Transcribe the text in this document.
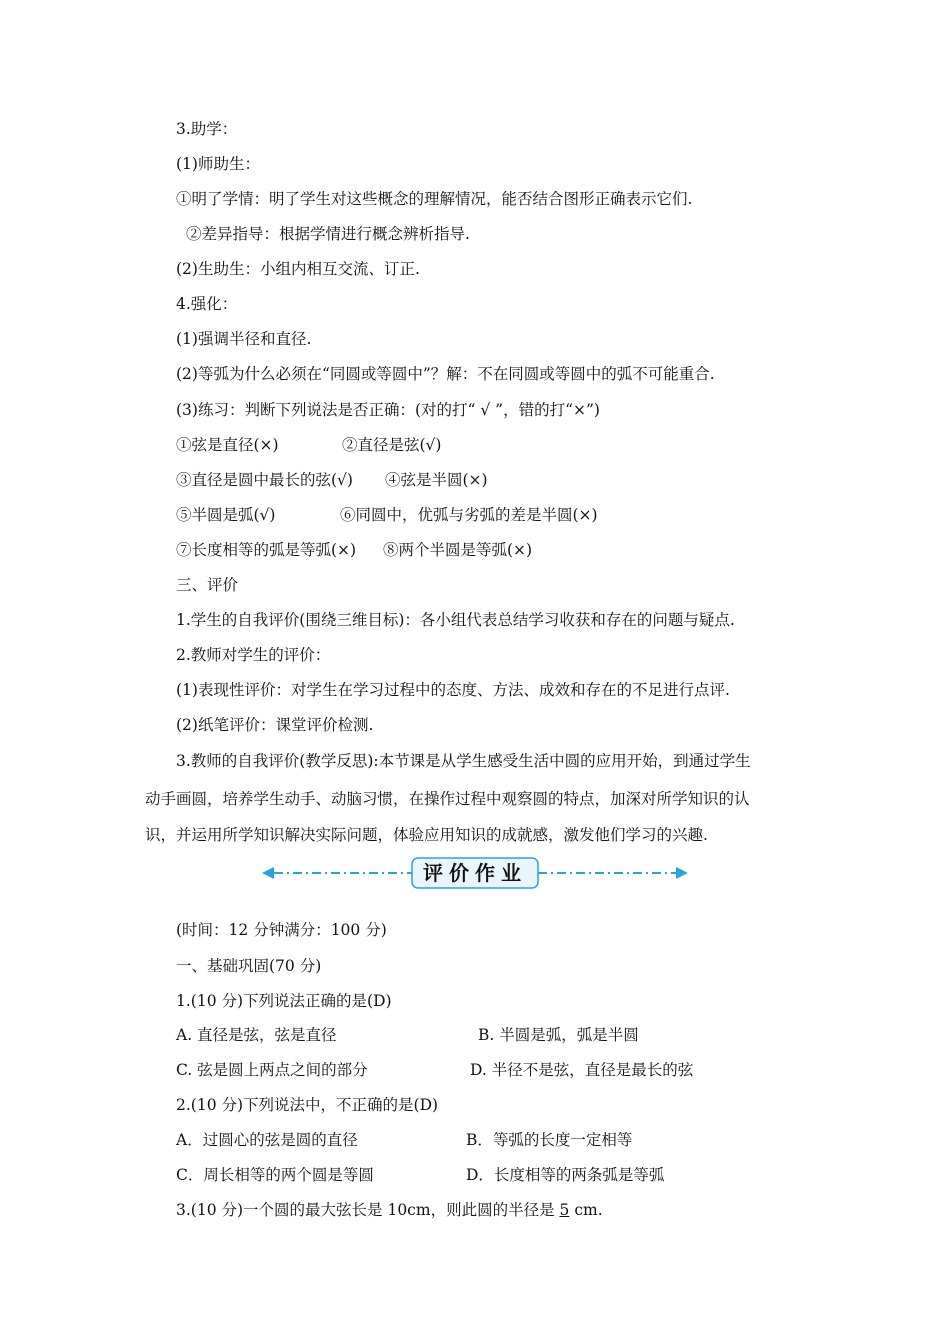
3.助学：
(1)师助生：
①明了学情：明了学生对这些概念的理解情况，能否结合图形正确表示它们.
②差异指导：根据学情进行概念辨析指导.
(2)生助生：小组内相互交流、订正.
4.强化：
(1)强调半径和直径.
(2)等弧为什么必须在“同圆或等圆中”？解：不在同圆或等圆中的弧不可能重合.
(3)练习：判断下列说法是否正确：(对的打“ √ ”，错的打“×”)
①弦是直径(×)	②直径是弦(√)
③直径是圆中最长的弦(√) ④弦是半圆(×)
⑤半圆是弧(√)	⑥同圆中，优弧与劣弧的差是半圆(×)
⑦长度相等的弧是等弧(×) ⑧两个半圆是等弧(×)
三、评价
1.学生的自我评价(围绕三维目标)：各小组代表总结学习收获和存在的问题与疑点.
2.教师对学生的评价：
(1)表现性评价：对学生在学习过程中的态度、方法、成效和存在的不足进行点评.
(2)纸笔评价：课堂评价检测.
3.教师的自我评价(教学反思):本节课是从学生感受生活中圆的应用开始，到通过学生
动手画圆，培养学生动手、动脑习惯，在操作过程中观察圆的特点，加深对所学知识的认
识，并运用所学知识解决实际问题，体验应用知识的成就感，激发他们学习的兴趣.
评价作业
(时间：12 分钟满分：100 分)
一、基础巩固(70 分)
1.(10 分)下列说法正确的是(D)
A. 直径是弦，弦是直径	B. 半圆是弧，弧是半圆
C. 弦是圆上两点之间的部分	D. 半径不是弦，直径是最长的弦
2.(10 分)下列说法中，不正确的是(D)
A．过圆心的弦是圆的直径	B．等弧的长度一定相等
C．周长相等的两个圆是等圆	D．长度相等的两条弧是等弧
3.(10 分)一个圆的最大弦长是 10cm，则此圆的半径是 5 cm.
